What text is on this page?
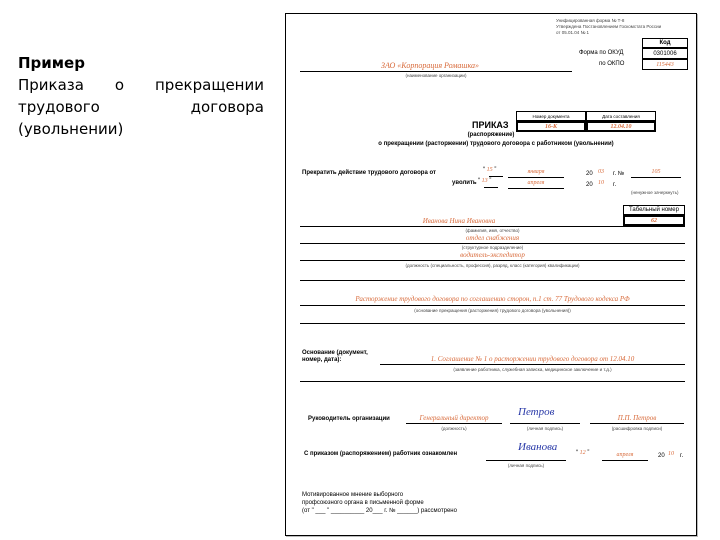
Пример
Приказа о прекращении
трудового	договора
(увольнении)
Унифицированная форма № Т-8
Утверждена Постановлением Госкомстата России
от 05.01.04 № 1
Код
Форма по ОКУД	0301006
по ОКПО	115443
ЗАО «Корпорация Ромашка»
(наименование организации)
Номер документа	Дата составления
16-К	12.04.10
ПРИКАЗ
(распоряжение)
о прекращении (расторжении) трудового договора с работником (увольнении)
Прекратить действие трудового договора от	“ 15 ”	января	20 03 г. №	105
уволить “ 13 ”	апреля	20 10 г.
(ненужное зачеркнуть)
Табельный номер
62
Иванова Нина Ивановна
(фамилия, имя, отчество)
отдел снабжения
(структурное подразделение)
водитель-экспедитор
(должность (специальность, профессия), разряд, класс (категория) квалификации)
Расторжение трудового договора по соглашению сторон, п.1 ст. 77 Трудового кодекса РФ
(основание прекращения (расторжения) трудового договора (увольнения))
Основание (документ,
номер, дата):	1. Соглашение № 1 о расторжении трудового договора от 12.04.10
(заявление работника, служебная записка, медицинское заключение и т.д.)
Руководитель организации	Генеральный директор
(должность)
Петров
(личная подпись)
П.П. Петров
(расшифровка подписи)
С приказом (распоряжением) работник ознакомлен
Иванова
(личная подпись)
“ 12 ”	апреля	20 10 г.
Мотивированное мнение выборного
профсоюзного органа в письменной форме
(от " ___ " __________ 20___ г. № ______) рассмотрено
